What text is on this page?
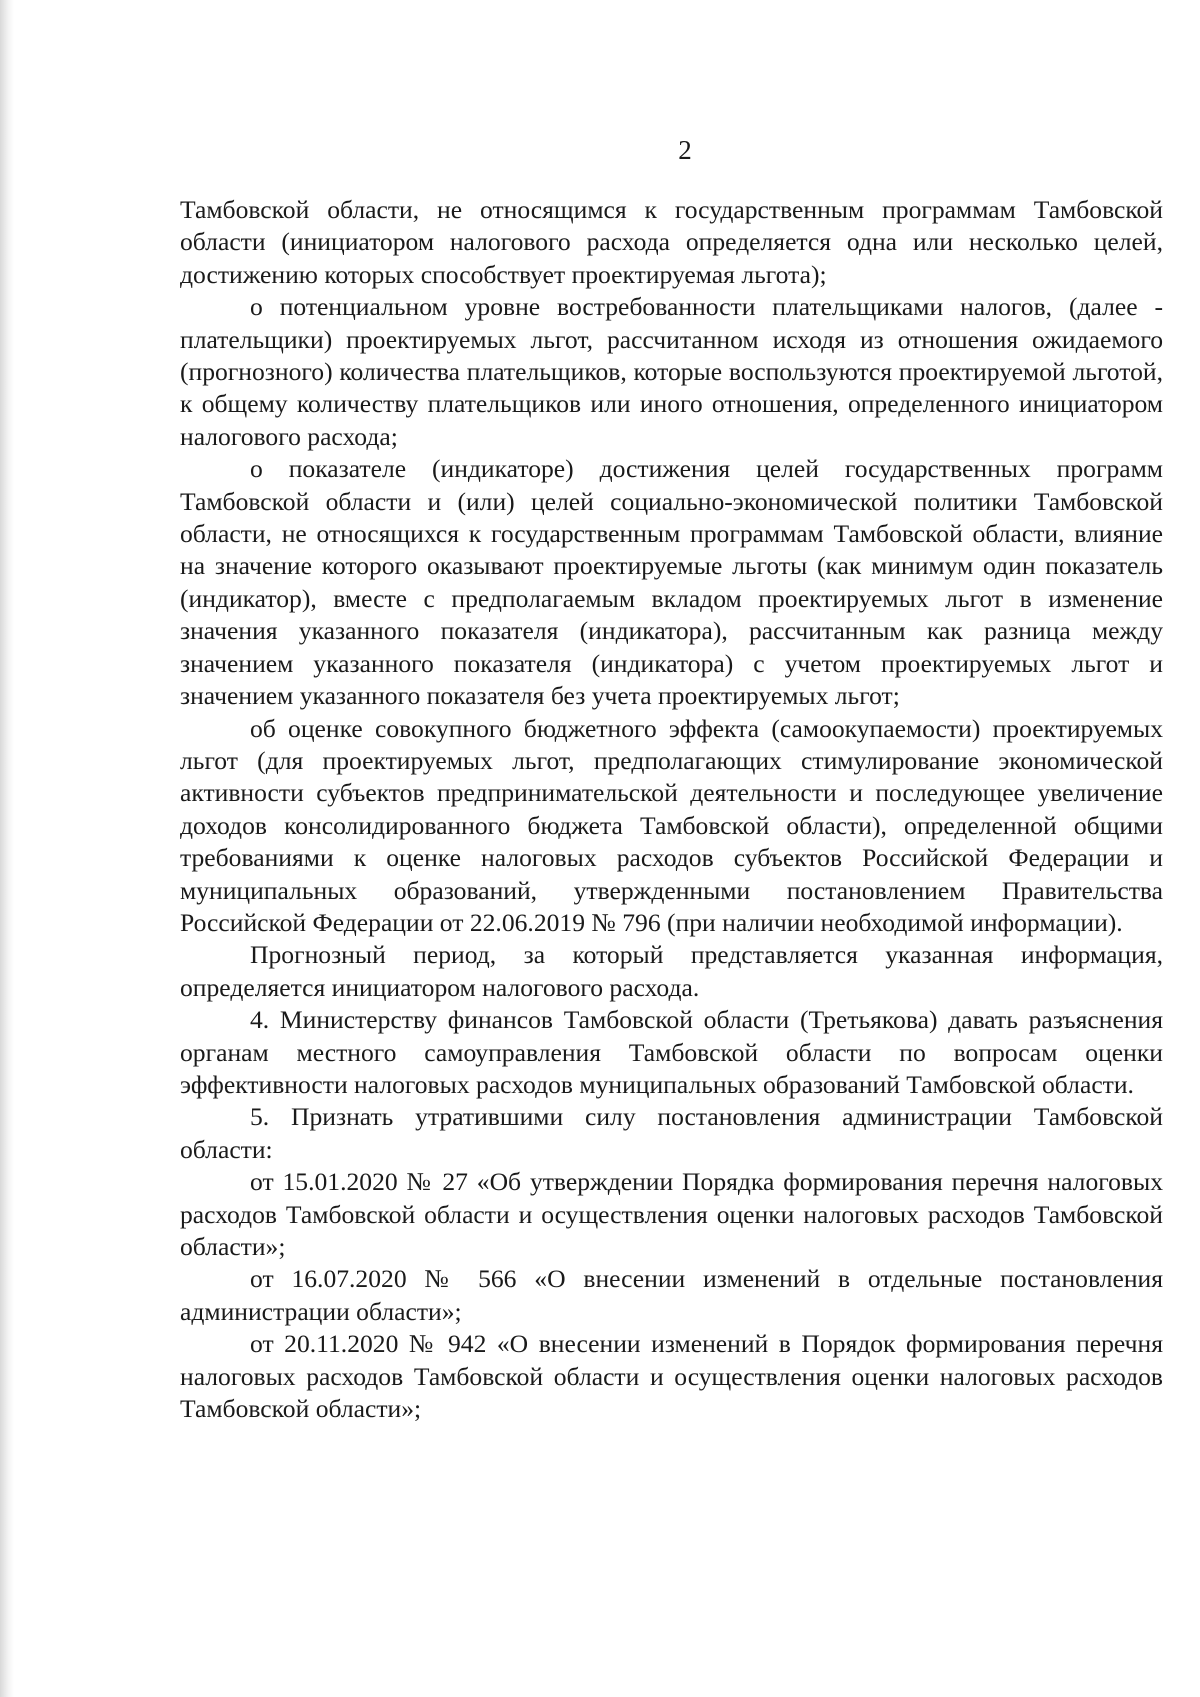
2

Тамбовской области, не относящимся к государственным программам Тамбовской области (инициатором налогового расхода определяется одна или несколько целей, достижению которых способствует проектируемая льгота);

о потенциальном уровне востребованности плательщиками налогов, (далее - плательщики) проектируемых льгот, рассчитанном исходя из отношения ожидаемого (прогнозного) количества плательщиков, которые воспользуются проектируемой льготой, к общему количеству плательщиков или иного отношения, определенного инициатором налогового расхода;

о показателе (индикаторе) достижения целей государственных программ Тамбовской области и (или) целей социально-экономической политики Тамбовской области, не относящихся к государственным программам Тамбовской области, влияние на значение которого оказывают проектируемые льготы (как минимум один показатель (индикатор), вместе с предполагаемым вкладом проектируемых льгот в изменение значения указанного показателя (индикатора), рассчитанным как разница между значением указанного показателя (индикатора) с учетом проектируемых льгот и значением указанного показателя без учета проектируемых льгот;

об оценке совокупного бюджетного эффекта (самоокупаемости) проектируемых льгот (для проектируемых льгот, предполагающих стимулирование экономической активности субъектов предпринимательской деятельности и последующее увеличение доходов консолидированного бюджета Тамбовской области), определенной общими требованиями к оценке налоговых расходов субъектов Российской Федерации и муниципальных образований, утвержденными постановлением Правительства Российской Федерации от 22.06.2019 № 796 (при наличии необходимой информации).

Прогнозный период, за который представляется указанная информация, определяется инициатором налогового расхода.

4. Министерству финансов Тамбовской области (Третьякова) давать разъяснения органам местного самоуправления Тамбовской области по вопросам оценки эффективности налоговых расходов муниципальных образований Тамбовской области.

5. Признать утратившими силу постановления администрации Тамбовской области:

от 15.01.2020 № 27 «Об утверждении Порядка формирования перечня налоговых расходов Тамбовской области и осуществления оценки налоговых расходов Тамбовской области»;

от 16.07.2020 № 566 «О внесении изменений в отдельные постановления администрации области»;

от 20.11.2020 № 942 «О внесении изменений в Порядок формирования перечня налоговых расходов Тамбовской области и осуществления оценки налоговых расходов Тамбовской области»;
